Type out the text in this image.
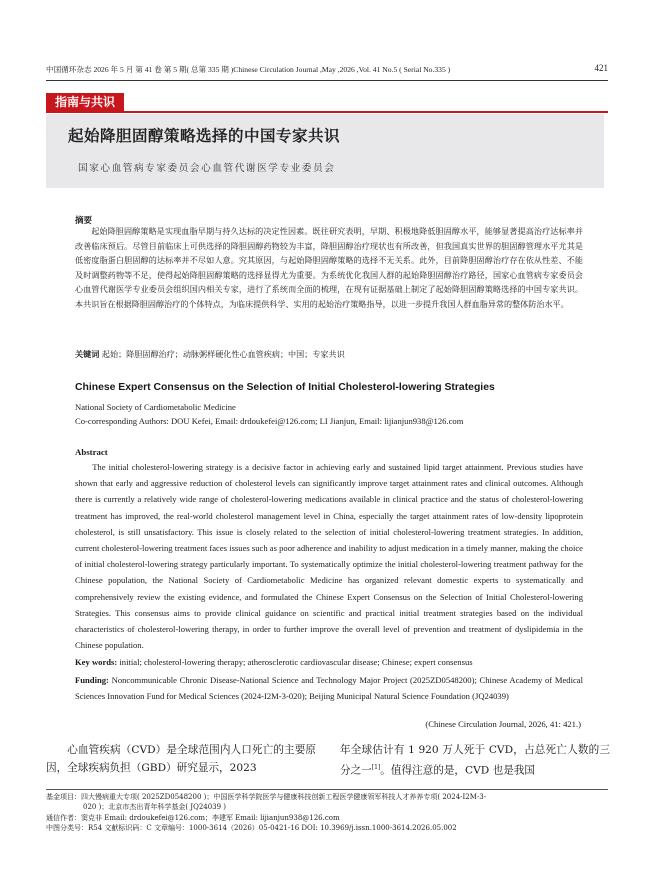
中国循环杂志 2026 年 5 月 第 41 卷 第 5 期( 总第 335 期 )Chinese Circulation Journal ,May ,2026 ,Vol. 41 No.5 ( Serial No.335 )	421
指南与共识
起始降胆固醇策略选择的中国专家共识
国家心血管病专家委员会心血管代谢医学专业委员会
摘要
起始降胆固醇策略是实现血脂早期与持久达标的决定性因素。既往研究表明，早期、积极地降低胆固醇水平，能够显著提高治疗达标率并改善临床预后。尽管目前临床上可供选择的降胆固醇药物较为丰富，降胆固醇治疗现状也有所改善，但我国真实世界的胆固醇管理水平尤其是低密度脂蛋白胆固醇的达标率并不尽如人意。究其原因，与起始降胆固醇策略的选择不无关系。此外，目前降胆固醇治疗存在依从性差、不能及时调整药物等不足，使得起始降胆固醇策略的选择显得尤为重要。为系统优化我国人群的起始降胆固醇治疗路径，国家心血管病专家委员会心血管代谢医学专业委员会组织国内相关专家，进行了系统而全面的梳理，在现有证据基础上制定了起始降胆固醇策略选择的中国专家共识。本共识旨在根据降胆固醇治疗的个体特点，为临床提供科学、实用的起始治疗策略指导，以进一步提升我国人群血脂异常的整体防治水平。
关键词 起始；降胆固醇治疗；动脉粥样硬化性心血管疾病；中国；专家共识
Chinese Expert Consensus on the Selection of Initial Cholesterol-lowering Strategies
National Society of Cardiometabolic Medicine
Co-corresponding Authors: DOU Kefei, Email: drdoukefei@126.com; LI Jianjun, Email: lijianjun938@126.com
Abstract
The initial cholesterol-lowering strategy is a decisive factor in achieving early and sustained lipid target attainment. Previous studies have shown that early and aggressive reduction of cholesterol levels can significantly improve target attainment rates and clinical outcomes. Although there is currently a relatively wide range of cholesterol-lowering medications available in clinical practice and the status of cholesterol-lowering treatment has improved, the real-world cholesterol management level in China, especially the target attainment rates of low-density lipoprotein cholesterol, is still unsatisfactory. This issue is closely related to the selection of initial cholesterol-lowering treatment strategies. In addition, current cholesterol-lowering treatment faces issues such as poor adherence and inability to adjust medication in a timely manner, making the choice of initial cholesterol-lowering strategy particularly important. To systematically optimize the initial cholesterol-lowering treatment pathway for the Chinese population, the National Society of Cardiometabolic Medicine has organized relevant domestic experts to systematically and comprehensively review the existing evidence, and formulated the Chinese Expert Consensus on the Selection of Initial Cholesterol-lowering Strategies. This consensus aims to provide clinical guidance on scientific and practical initial treatment strategies based on the individual characteristics of cholesterol-lowering therapy, in order to further improve the overall level of prevention and treatment of dyslipidemia in the Chinese population.
Key words: initial; cholesterol-lowering therapy; atherosclerotic cardiovascular disease; Chinese; expert consensus
Funding: Noncommunicable Chronic Disease-National Science and Technology Major Project (2025ZD0548200); Chinese Academy of Medical Sciences Innovation Fund for Medical Sciences (2024-I2M-3-020); Beijing Municipal Natural Science Foundation (JQ24039)
(Chinese Circulation Journal, 2026, 41: 421.)
心血管疾病（CVD）是全球范围内人口死亡的主要原因，全球疾病负担（GBD）研究显示，2023
年全球估计有 1 920 万人死于 CVD，占总死亡人数的三分之一[1]。值得注意的是，CVD 也是我国
基金项目：四大慢病重大专项( 2025ZD0548200 )；中国医学科学院医学与健康科技创新工程医学健康领军科技人才养养专项( 2024-I2M-3-
020 )；北京市杰出青年科学基金( JQ24039 )
通信作者：窦克非 Email: drdoukefei@126.com；李建军 Email: lijianjun938@126.com
中图分类号：R54 文献标识码：C 文章编号：1000-3614（2026）05-0421-16 DOI: 10.3969/j.issn.1000-3614.2026.05.002
